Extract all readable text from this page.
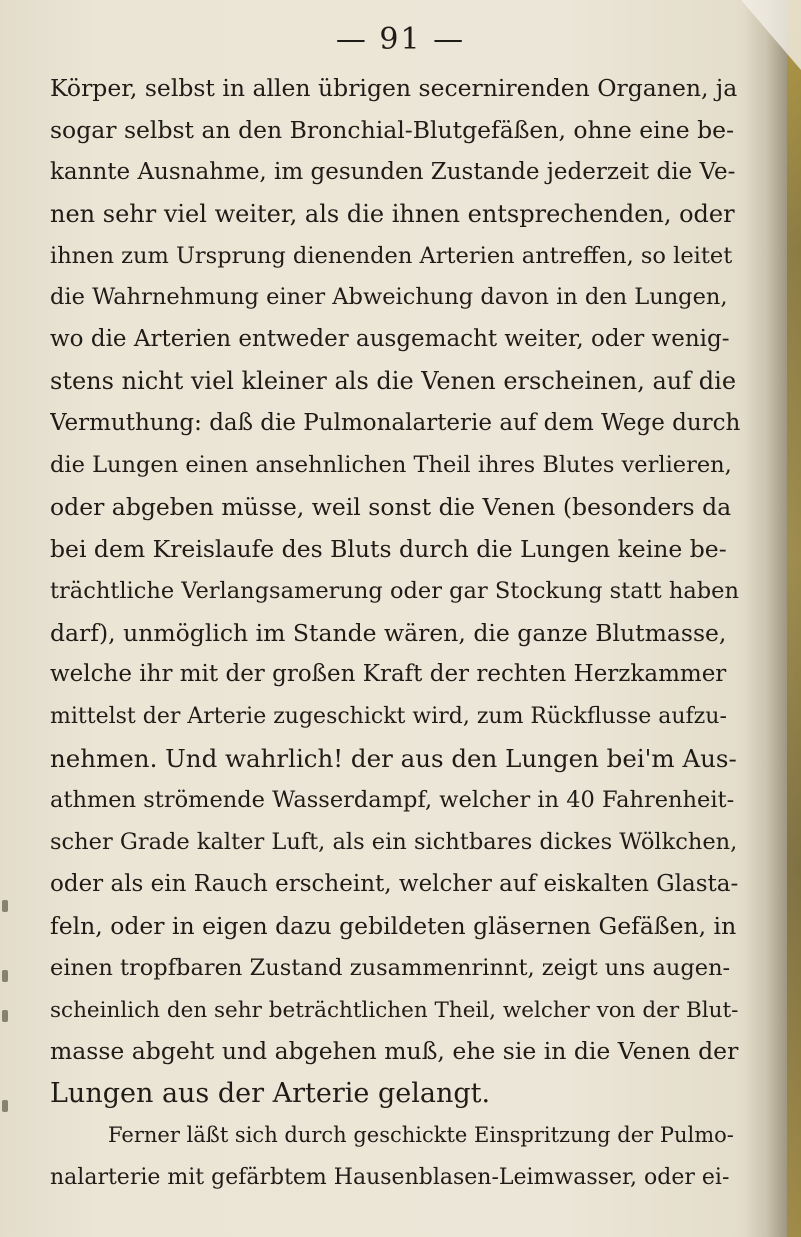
— 91 —
Körper, selbst in allen übrigen secernirenden Organen, ja
sogar selbst an den Bronchial-Blutgefäßen, ohne eine be-
kannte Ausnahme, im gesunden Zustande jederzeit die Ve-
nen sehr viel weiter, als die ihnen entsprechenden, oder
ihnen zum Ursprung dienenden Arterien antreffen, so leitet
die Wahrnehmung einer Abweichung davon in den Lungen,
wo die Arterien entweder ausgemacht weiter, oder wenig-
stens nicht viel kleiner als die Venen erscheinen, auf die
Vermuthung: daß die Pulmonalarterie auf dem Wege durch
die Lungen einen ansehnlichen Theil ihres Blutes verlieren,
oder abgeben müsse, weil sonst die Venen (besonders da
bei dem Kreislaufe des Bluts durch die Lungen keine be-
trächtliche Verlangsamerung oder gar Stockung statt haben
darf), unmöglich im Stande wären, die ganze Blutmasse,
welche ihr mit der großen Kraft der rechten Herzkammer
mittelst der Arterie zugeschickt wird, zum Rückflusse aufzu-
nehmen. Und wahrlich! der aus den Lungen bei'm Aus-
athmen strömende Wasserdampf, welcher in 40 Fahrenheit-
scher Grade kalter Luft, als ein sichtbares dickes Wölkchen,
oder als ein Rauch erscheint, welcher auf eiskalten Glasta-
feln, oder in eigen dazu gebildeten gläsernen Gefäßen, in
einen tropfbaren Zustand zusammenrinnt, zeigt uns augen-
scheinlich den sehr beträchtlichen Theil, welcher von der Blut-
masse abgeht und abgehen muß, ehe sie in die Venen der
Lungen aus der Arterie gelangt.
Ferner läßt sich durch geschickte Einspritzung der Pulmo-
nalarterie mit gefärbtem Hausenblasen-Leimwasser, oder ei-
